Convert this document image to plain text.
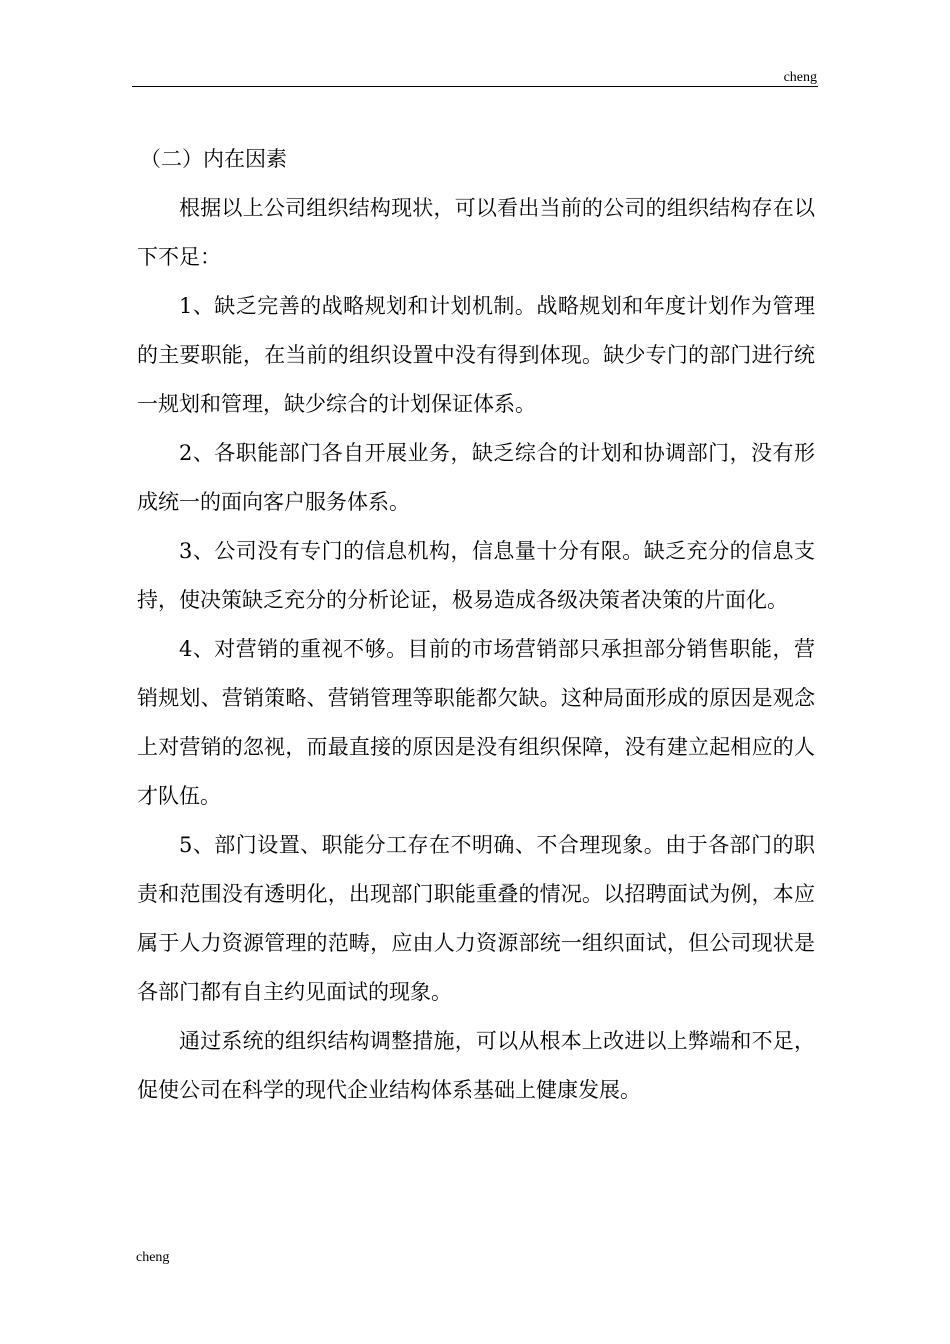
cheng

（二）内在因素

根据以上公司组织结构现状，可以看出当前的公司的组织结构存在以下不足：

1、缺乏完善的战略规划和计划机制。战略规划和年度计划作为管理的主要职能，在当前的组织设置中没有得到体现。缺少专门的部门进行统一规划和管理，缺少综合的计划保证体系。

2、各职能部门各自开展业务，缺乏综合的计划和协调部门，没有形成统一的面向客户服务体系。

3、公司没有专门的信息机构，信息量十分有限。缺乏充分的信息支持，使决策缺乏充分的分析论证，极易造成各级决策者决策的片面化。

4、对营销的重视不够。目前的市场营销部只承担部分销售职能，营销规划、营销策略、营销管理等职能都欠缺。这种局面形成的原因是观念上对营销的忽视，而最直接的原因是没有组织保障，没有建立起相应的人才队伍。

5、部门设置、职能分工存在不明确、不合理现象。由于各部门的职责和范围没有透明化，出现部门职能重叠的情况。以招聘面试为例，本应属于人力资源管理的范畴，应由人力资源部统一组织面试，但公司现状是各部门都有自主约见面试的现象。

通过系统的组织结构调整措施，可以从根本上改进以上弊端和不足，促使公司在科学的现代企业结构体系基础上健康发展。

cheng
